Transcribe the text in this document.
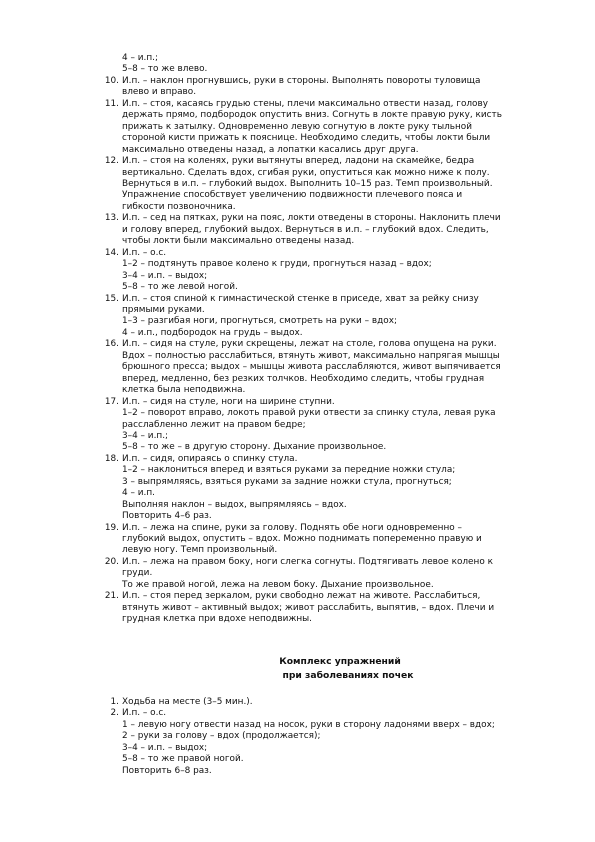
4 – и.п.;
5–8 – то же влево.
10. И.п. – наклон прогнувшись, руки в стороны. Выполнять повороты туловища
влево и вправо.
11. И.п. – стоя, касаясь грудью стены, плечи максимально отвести назад, голову
держать прямо, подбородок опустить вниз. Согнуть в локте правую руку, кисть
прижать к затылку. Одновременно левую согнутую в локте руку тыльной
стороной кисти прижать к пояснице. Необходимо следить, чтобы локти были
максимально отведены назад, а лопатки касались друг друга.
12. И.п. – стоя на коленях, руки вытянуты вперед, ладони на скамейке, бедра
вертикально. Сделать вдох, сгибая руки, опуститься как можно ниже к полу.
Вернуться в и.п. – глубокий выдох. Выполнить 10–15 раз. Темп произвольный.
Упражнение способствует увеличению подвижности плечевого пояса и
гибкости позвоночника.
13. И.п. – сед на пятках, руки на пояс, локти отведены в стороны. Наклонить плечи
и голову вперед, глубокий выдох. Вернуться в и.п. – глубокий вдох. Следить,
чтобы локти были максимально отведены назад.
14. И.п. – о.с.
1–2 – подтянуть правое колено к груди, прогнуться назад – вдох;
3–4 – и.п. – выдох;
5–8 – то же левой ногой.
15. И.п. – стоя спиной к гимнастической стенке в приседе, хват за рейку снизу
прямыми руками.
1–3 – разгибая ноги, прогнуться, смотреть на руки – вдох;
4 – и.п., подбородок на грудь – выдох.
16. И.п. – сидя на стуле, руки скрещены, лежат на столе, голова опущена на руки.
Вдох – полностью расслабиться, втянуть живот, максимально напрягая мышцы
брюшного пресса; выдох – мышцы живота расслабляются, живот выпячивается
вперед, медленно, без резких толчков. Необходимо следить, чтобы грудная
клетка была неподвижна.
17. И.п. – сидя на стуле, ноги на ширине ступни.
1–2 – поворот вправо, локоть правой руки отвести за спинку стула, левая рука
расслабленно лежит на правом бедре;
3–4 – и.п.;
5–8 – то же – в другую сторону. Дыхание произвольное.
18. И.п. – сидя, опираясь о спинку стула.
1–2 – наклониться вперед и взяться руками за передние ножки стула;
3 – выпрямляясь, взяться руками за задние ножки стула, прогнуться;
4 – и.п.
Выполняя наклон – выдох, выпрямляясь – вдох.
Повторить 4–6 раз.
19. И.п. – лежа на спине, руки за голову. Поднять обе ноги одновременно –
глубокий выдох, опустить – вдох. Можно поднимать попеременно правую и
левую ногу. Темп произвольный.
20. И.п. – лежа на правом боку, ноги слегка согнуты. Подтягивать левое колено к
груди.
То же правой ногой, лежа на левом боку. Дыхание произвольное.
21. И.п. – стоя перед зеркалом, руки свободно лежат на животе. Расслабиться,
втянуть живот – активный выдох; живот расслабить, выпятив, – вдох. Плечи и
грудная клетка при вдохе неподвижны.
Комплекс упражнений
при заболеваниях почек
1. Ходьба на месте (3–5 мин.).
2. И.п. – о.с.
1 – левую ногу отвести назад на носок, руки в сторону ладонями вверх – вдох;
2 – руки за голову – вдох (продолжается);
3–4 – и.п. – выдох;
5–8 – то же правой ногой.
Повторить 6–8 раз.
